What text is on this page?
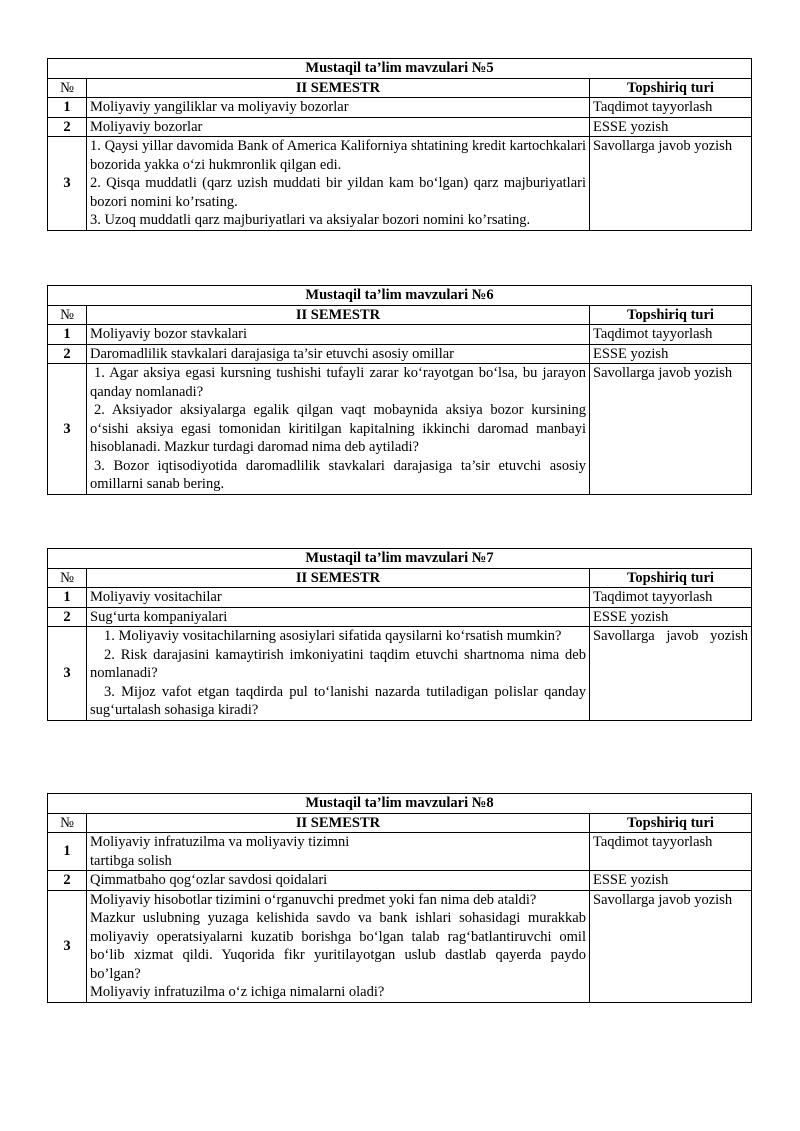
Mustaqil ta’lim mavzulari №5		
№	II SEMESTR	Topshiriq turi
1	Moliyaviy yangiliklar va moliyaviy bozorlar	Taqdimot tayyorlash
2	Moliyaviy bozorlar	ESSE yozish
3	1. Qaysi yillar davomida Bank of America Kaliforniya shtatining kredit kartochkalari bozorida yakka o‘zi hukmronlik qilgan edi.
2. Qisqa muddatli (qarz uzish muddati bir yildan kam bo‘lgan) qarz majburiyatlari bozori nomini ko’rsating.
3. Uzoq muddatli qarz majburiyatlari va aksiyalar bozori nomini ko’rsating.	Savollarga javob yozish
Mustaqil ta’lim mavzulari №6		
№	II SEMESTR	Topshiriq turi
1	Moliyaviy bozor stavkalari	Taqdimot tayyorlash
2	Daromadlilik stavkalari darajasiga ta’sir etuvchi asosiy omillar	ESSE yozish
3	1. Agar aksiya egasi kursning tushishi tufayli zarar ko‘rayotgan bo‘lsa, bu jarayon qanday nomlanadi?
2. Aksiyador aksiyalarga egalik qilgan vaqt mobaynida aksiya bozor kursining o‘sishi aksiya egasi tomonidan kiritilgan kapitalning ikkinchi daromad manbayi hisoblanadi. Mazkur turdagi daromad nima deb aytiladi?
3. Bozor iqtisodiyotida daromadlilik stavkalari darajasiga ta’sir etuvchi asosiy omillarni sanab bering.	Savollarga javob yozish
Mustaqil ta’lim mavzulari №7		
№	II SEMESTR	Topshiriq turi
1	Moliyaviy vositachilar	Taqdimot tayyorlash
2	Sug‘urta kompaniyalari	ESSE yozish
3	1. Moliyaviy vositachilarning asosiylari sifatida qaysilarni ko‘rsatish mumkin?
2. Risk darajasini kamaytirish imkoniyatini taqdim etuvchi shartnoma nima deb nomlanadi?
3. Mijoz vafot etgan taqdirda pul to‘lanishi nazarda tutiladigan polislar qanday sug‘urtalash sohasiga kiradi?	Savollarga javob yozish
Mustaqil ta’lim mavzulari №8		
№	II SEMESTR	Topshiriq turi
1	Moliyaviy infratuzilma va moliyaviy tizimni
tartibga solish	Taqdimot tayyorlash
2	Qimmatbaho qog‘ozlar savdosi qoidalari	ESSE yozish
3	Moliyaviy hisobotlar tizimini o‘rganuvchi predmet yoki fan nima deb ataldi?
Mazkur uslubning yuzaga kelishida savdo va bank ishlari sohasidagi murakkab moliyaviy operatsiyalarni kuzatib borishga bo‘lgan talab rag‘batlantiruvchi omil bo‘lib xizmat qildi. Yuqorida fikr yuritilayotgan uslub dastlab qayerda paydo bo’lgan?
Moliyaviy infratuzilma o‘z ichiga nimalarni oladi?	Savollarga javob yozish
